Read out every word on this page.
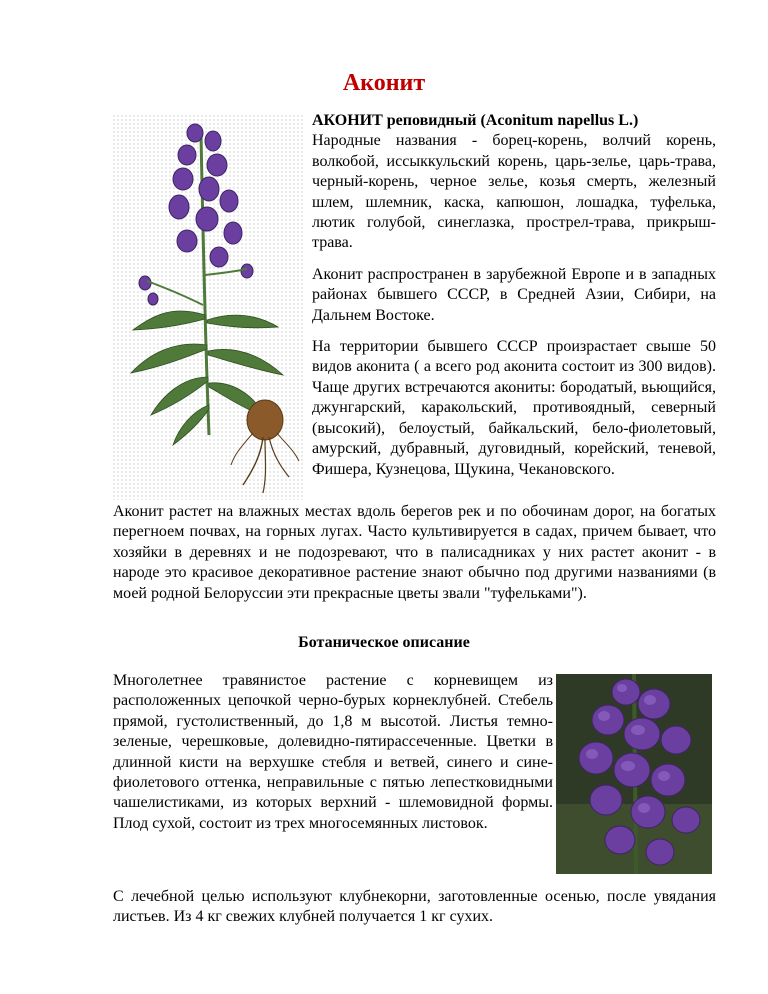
Аконит

АКОНИТ реповидный (Aconitum napellus L.)
Народные названия - борец-корень, волчий корень, волкобой, иссыккульский корень, царь-зелье, царь-трава, черный-корень, черное зелье, козья смерть, железный шлем, шлемник, каска, капюшон, лошадка, туфелька, лютик голубой, синеглазка, прострел-трава, прикрыш-трава.

Аконит распространен в зарубежной Европе и в западных районах бывшего СССР, в Средней Азии, Сибири, на Дальнем Востоке.

На территории бывшего СССР произрастает свыше 50 видов аконита ( а всего род аконита состоит из 300 видов). Чаще других встречаются акониты: бородатый, вьющийся, джунгарский, каракольский, противоядный, северный (высокий), белоустый, байкальский, бело-фиолетовый, амурский, дубравный, дуговидный, корейский, теневой, Фишера, Кузнецова, Щукина, Чекановского.

Аконит растет на влажных местах вдоль берегов рек и по обочинам дорог, на богатых перегноем почвах, на горных лугах. Часто культивируется в садах, причем бывает, что хозяйки в деревнях и не подозревают, что в палисадниках у них растет аконит - в народе это красивое декоративное растение знают обычно под другими названиями (в моей родной Белоруссии эти прекрасные цветы звали "туфельками").

Ботаническое описание

Многолетнее травянистое растение с корневищем из расположенных цепочкой черно-бурых корнеклубней. Стебель прямой, густолиственный, до 1,8 м высотой. Листья темно-зеленые, черешковые, долевидно-пятирассеченные. Цветки в длинной кисти на верхушке стебля и ветвей, синего и сине-фиолетового оттенка, неправильные с пятью лепестковидными чашелистиками, из которых верхний - шлемовидной формы. Плод сухой, состоит из трех многосемянных листовок.

С лечебной целью используют клубнекорни, заготовленные осенью, после увядания листьев. Из 4 кг свежих клубней получается 1 кг сухих.
